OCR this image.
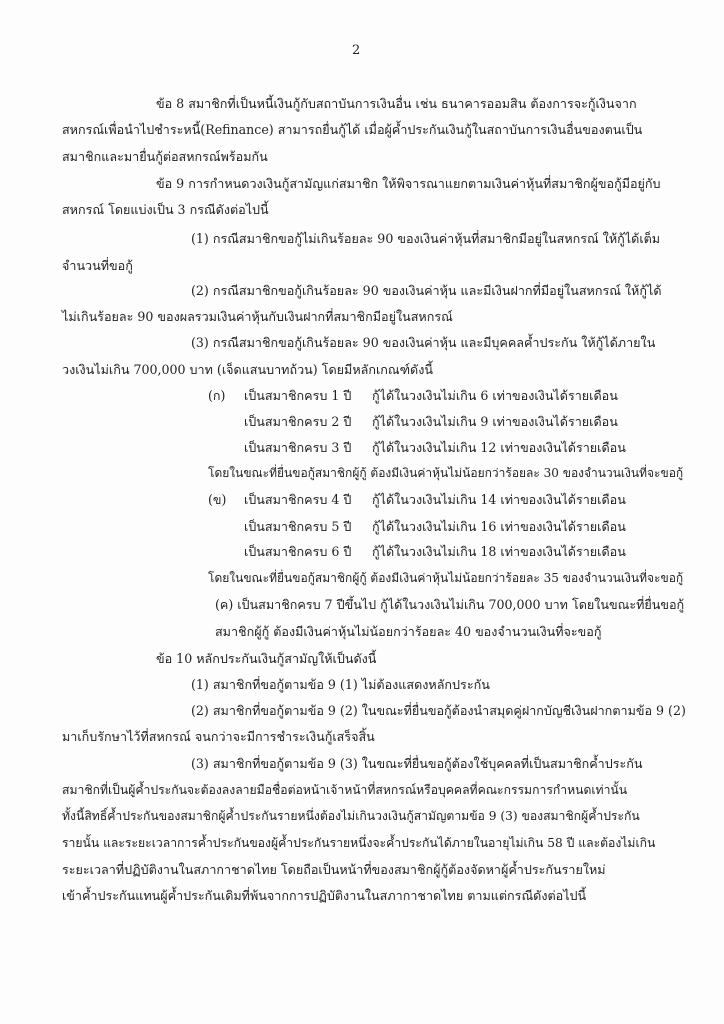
2
ข้อ 8 สมาชิกที่เป็นหนี้เงินกู้กับสถาบันการเงินอื่น เช่น ธนาคารออมสิน ต้องการจะกู้เงินจาก
สหกรณ์เพื่อนำไปชำระหนี้(Refinance) สามารถยื่นกู้ได้ เมื่อผู้ค้ำประกันเงินกู้ในสถาบันการเงินอื่นของตนเป็น
สมาชิกและมายื่นกู้ต่อสหกรณ์พร้อมกัน
ข้อ 9 การกำหนดวงเงินกู้สามัญแก่สมาชิก ให้พิจารณาแยกตามเงินค่าหุ้นที่สมาชิกผู้ขอกู้มีอยู่กับ
สหกรณ์ โดยแบ่งเป็น 3 กรณีดังต่อไปนี้
(1) กรณีสมาชิกขอกู้ไม่เกินร้อยละ 90 ของเงินค่าหุ้นที่สมาชิกมีอยู่ในสหกรณ์ ให้กู้ได้เต็ม
จำนวนที่ขอกู้
(2) กรณีสมาชิกขอกู้เกินร้อยละ 90 ของเงินค่าหุ้น และมีเงินฝากที่มีอยู่ในสหกรณ์ ให้กู้ได้
ไม่เกินร้อยละ 90 ของผลรวมเงินค่าหุ้นกับเงินฝากที่สมาชิกมีอยู่ในสหกรณ์
(3) กรณีสมาชิกขอกู้เกินร้อยละ 90 ของเงินค่าหุ้น และมีบุคคลค้ำประกัน ให้กู้ได้ภายใน
วงเงินไม่เกิน 700,000 บาท (เจ็ดแสนบาทถ้วน) โดยมีหลักเกณฑ์ดังนี้
(ก) เป็นสมาชิกครบ 1 ปี กู้ได้ในวงเงินไม่เกิน 6 เท่าของเงินได้รายเดือน
เป็นสมาชิกครบ 2 ปี กู้ได้ในวงเงินไม่เกิน 9 เท่าของเงินได้รายเดือน
เป็นสมาชิกครบ 3 ปี กู้ได้ในวงเงินไม่เกิน 12 เท่าของเงินได้รายเดือน
โดยในขณะที่ยื่นขอกู้สมาชิกผู้กู้ ต้องมีเงินค่าหุ้นไม่น้อยกว่าร้อยละ 30 ของจำนวนเงินที่จะขอกู้
(ข) เป็นสมาชิกครบ 4 ปี กู้ได้ในวงเงินไม่เกิน 14 เท่าของเงินได้รายเดือน
เป็นสมาชิกครบ 5 ปี กู้ได้ในวงเงินไม่เกิน 16 เท่าของเงินได้รายเดือน
เป็นสมาชิกครบ 6 ปี กู้ได้ในวงเงินไม่เกิน 18 เท่าของเงินได้รายเดือน
โดยในขณะที่ยื่นขอกู้สมาชิกผู้กู้ ต้องมีเงินค่าหุ้นไม่น้อยกว่าร้อยละ 35 ของจำนวนเงินที่จะขอกู้
(ค) เป็นสมาชิกครบ 7 ปีขึ้นไป กู้ได้ในวงเงินไม่เกิน 700,000 บาท โดยในขณะที่ยื่นขอกู้
สมาชิกผู้กู้ ต้องมีเงินค่าหุ้นไม่น้อยกว่าร้อยละ 40 ของจำนวนเงินที่จะขอกู้
ข้อ 10 หลักประกันเงินกู้สามัญให้เป็นดังนี้
(1) สมาชิกที่ขอกู้ตามข้อ 9 (1) ไม่ต้องแสดงหลักประกัน
(2) สมาชิกที่ขอกู้ตามข้อ 9 (2) ในขณะที่ยื่นขอกู้ต้องนำสมุดคู่ฝากบัญชีเงินฝากตามข้อ 9 (2)
มาเก็บรักษาไว้ที่สหกรณ์ จนกว่าจะมีการชำระเงินกู้เสร็จสิ้น
(3) สมาชิกที่ขอกู้ตามข้อ 9 (3) ในขณะที่ยื่นขอกู้ต้องใช้บุคคลที่เป็นสมาชิกค้ำประกัน
สมาชิกที่เป็นผู้ค้ำประกันจะต้องลงลายมือชื่อต่อหน้าเจ้าหน้าที่สหกรณ์หรือบุคคลที่คณะกรรมการกำหนดเท่านั้น
ทั้งนี้สิทธิ์ค้ำประกันของสมาชิกผู้ค้ำประกันรายหนึ่งต้องไม่เกินวงเงินกู้สามัญตามข้อ 9 (3) ของสมาชิกผู้ค้ำประกัน
รายนั้น และระยะเวลาการค้ำประกันของผู้ค้ำประกันรายหนึ่งจะค้ำประกันได้ภายในอายุไม่เกิน 58 ปี และต้องไม่เกิน
ระยะเวลาที่ปฏิบัติงานในสภากาชาดไทย โดยถือเป็นหน้าที่ของสมาชิกผู้กู้ต้องจัดหาผู้ค้ำประกันรายใหม่
เข้าค้ำประกันแทนผู้ค้ำประกันเดิมที่พ้นจากการปฏิบัติงานในสภากาชาดไทย ตามแต่กรณีดังต่อไปนี้
